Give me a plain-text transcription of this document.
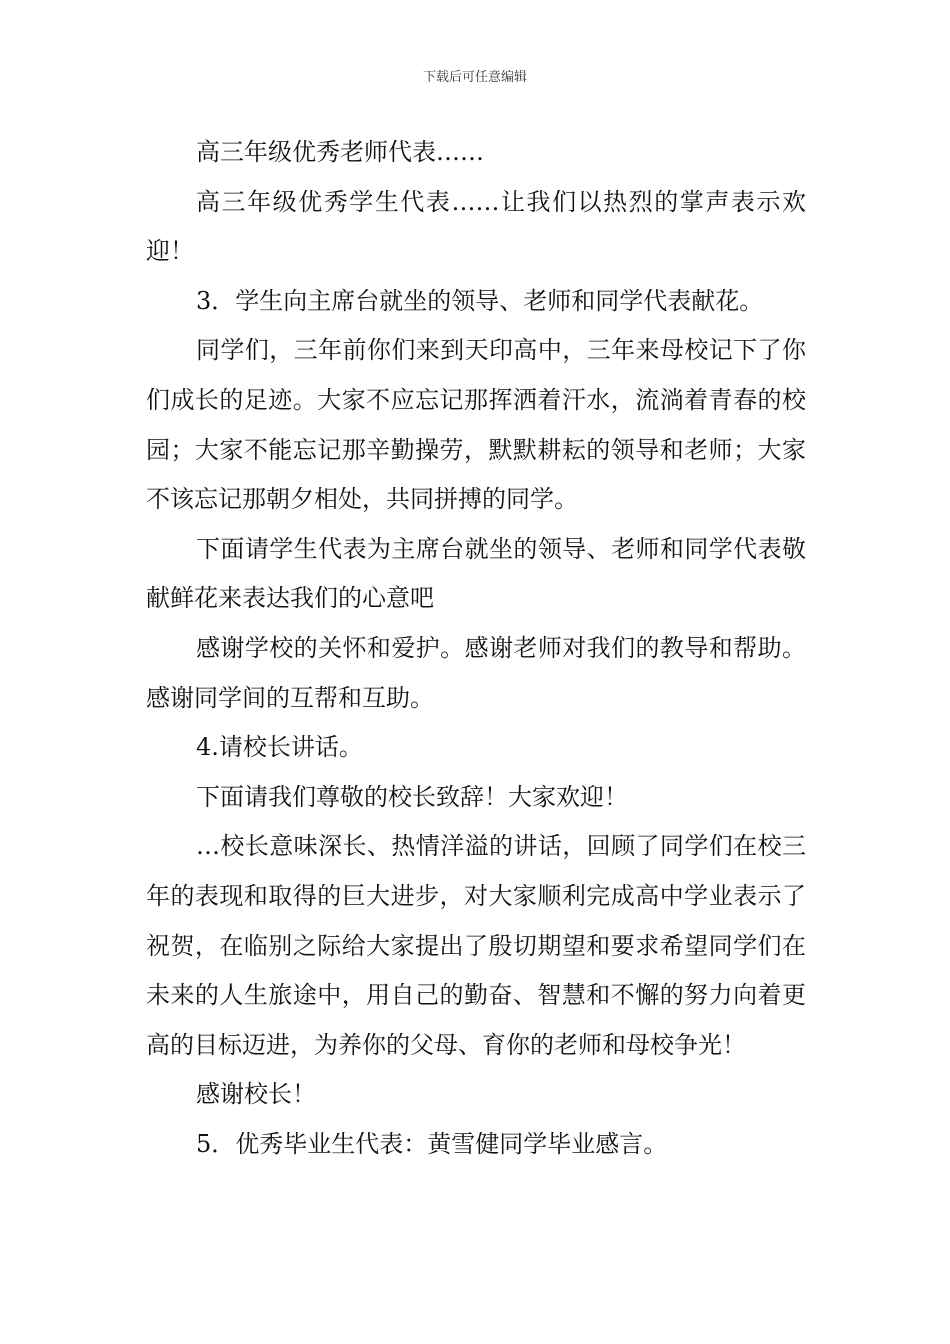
下载后可任意编辑

高三年级优秀老师代表……

高三年级优秀学生代表……让我们以热烈的掌声表示欢迎！

3．学生向主席台就坐的领导、老师和同学代表献花。

同学们，三年前你们来到天印高中，三年来母校记下了你们成长的足迹。大家不应忘记那挥洒着汗水，流淌着青春的校园；大家不能忘记那辛勤操劳，默默耕耘的领导和老师；大家不该忘记那朝夕相处，共同拼搏的同学。

下面请学生代表为主席台就坐的领导、老师和同学代表敬献鲜花来表达我们的心意吧

感谢学校的关怀和爱护。感谢老师对我们的教导和帮助。感谢同学间的互帮和互助。

4.请校长讲话。

下面请我们尊敬的校长致辞！大家欢迎！

…校长意味深长、热情洋溢的讲话，回顾了同学们在校三年的表现和取得的巨大进步，对大家顺利完成高中学业表示了祝贺，在临别之际给大家提出了殷切期望和要求希望同学们在未来的人生旅途中，用自己的勤奋、智慧和不懈的努力向着更高的目标迈进，为养你的父母、育你的老师和母校争光！

感谢校长！

5．优秀毕业生代表：黄雪健同学毕业感言。
